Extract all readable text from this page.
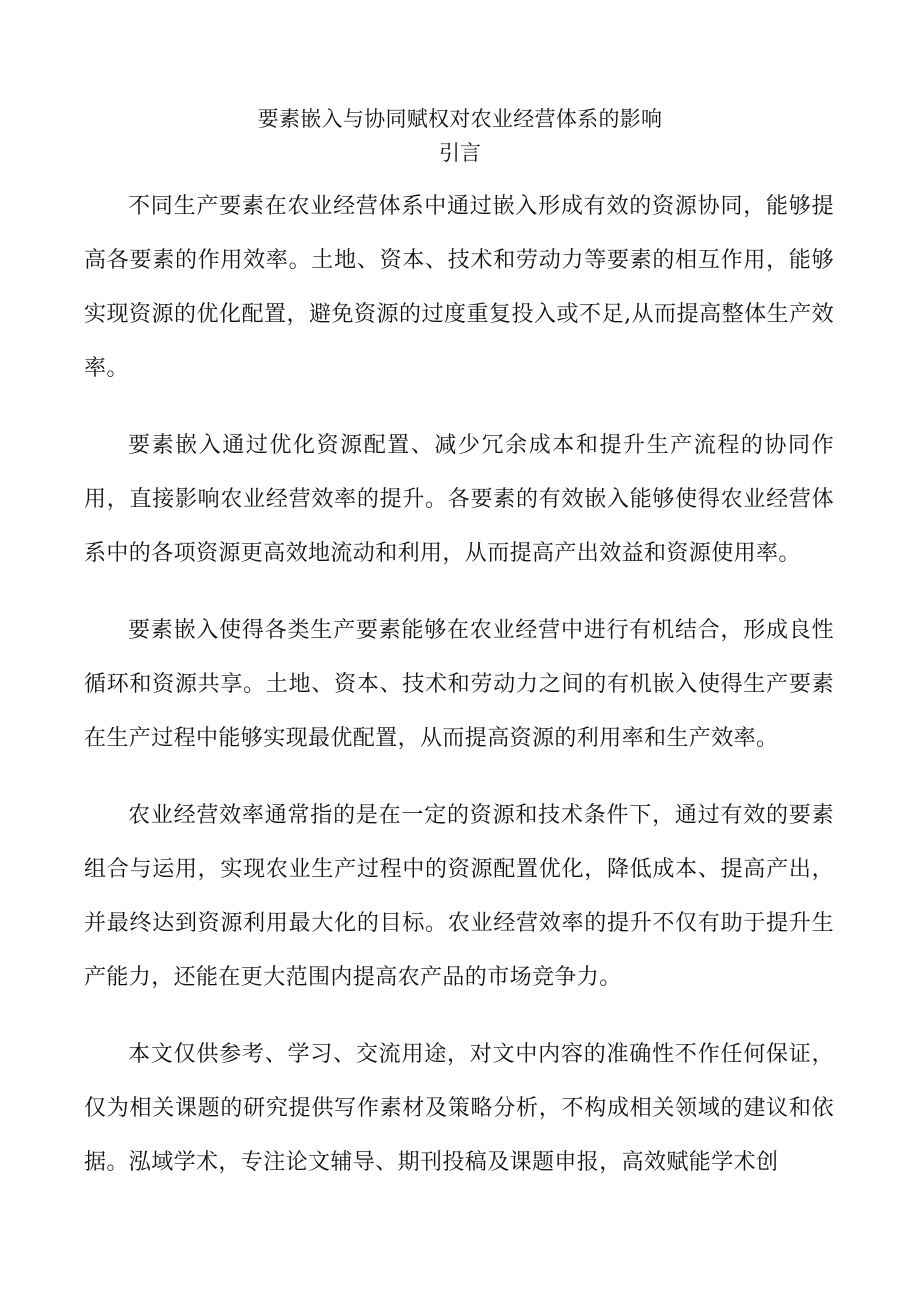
要素嵌入与协同赋权对农业经营体系的影响
引言

不同生产要素在农业经营体系中通过嵌入形成有效的资源协同，能够提高各要素的作用效率。土地、资本、技术和劳动力等要素的相互作用，能够实现资源的优化配置，避免资源的过度重复投入或不足,从而提高整体生产效率。

要素嵌入通过优化资源配置、减少冗余成本和提升生产流程的协同作用，直接影响农业经营效率的提升。各要素的有效嵌入能够使得农业经营体系中的各项资源更高效地流动和利用，从而提高产出效益和资源使用率。

要素嵌入使得各类生产要素能够在农业经营中进行有机结合，形成良性循环和资源共享。土地、资本、技术和劳动力之间的有机嵌入使得生产要素在生产过程中能够实现最优配置，从而提高资源的利用率和生产效率。

农业经营效率通常指的是在一定的资源和技术条件下，通过有效的要素组合与运用，实现农业生产过程中的资源配置优化，降低成本、提高产出，并最终达到资源利用最大化的目标。农业经营效率的提升不仅有助于提升生产能力，还能在更大范围内提高农产品的市场竞争力。

本文仅供参考、学习、交流用途，对文中内容的准确性不作任何保证，仅为相关课题的研究提供写作素材及策略分析，不构成相关领域的建议和依据。泓域学术，专注论文辅导、期刊投稿及课题申报，高效赋能学术创
